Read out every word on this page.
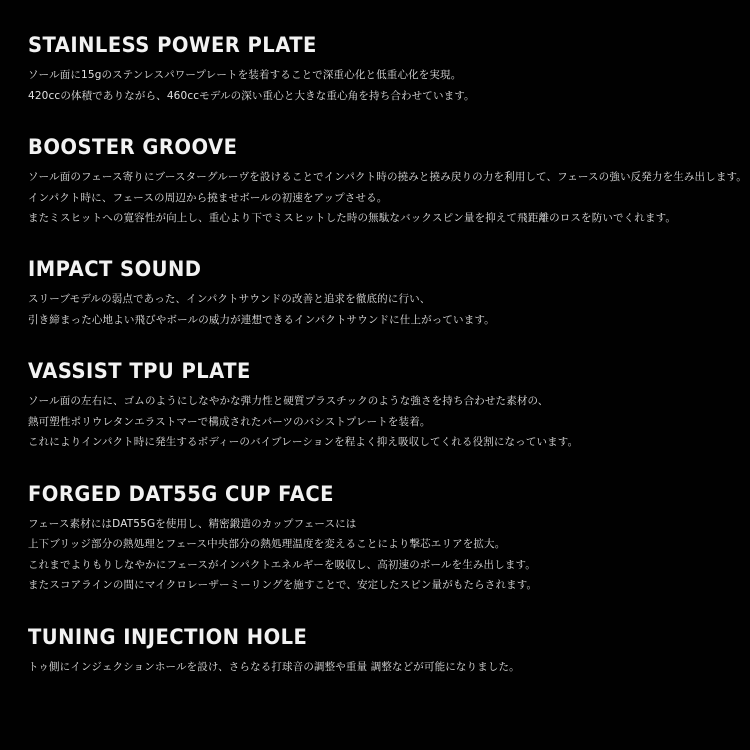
STAINLESS POWER PLATE
ソール面に15gのステンレスパワープレートを装着することで深重心化と低重心化を実現。
420ccの体積でありながら、460ccモデルの深い重心と大きな重心角を持ち合わせています。
BOOSTER GROOVE
ソール面のフェース寄りにブースターグルーヴを設けることでインパクト時の撓みと撓み戻りの力を利用して、フェースの強い反発力を生み出します。
インパクト時に、フェースの周辺から撓ませボールの初速をアップさせる。
またミスヒットへの寛容性が向上し、重心より下でミスヒットした時の無駄なバックスピン量を抑えて飛距離のロスを防いでくれます。
IMPACT SOUND
スリーブモデルの弱点であった、インパクトサウンドの改善と追求を徹底的に行い、
引き締まった心地よい飛びやボールの威力が連想できるインパクトサウンドに仕上がっています。
VASSIST TPU PLATE
ソール面の左右に、ゴムのようにしなやかな弾力性と硬質プラスチックのような強さを持ち合わせた素材の、
熱可塑性ポリウレタンエラストマーで構成されたパーツのバシストプレートを装着。
これによりインパクト時に発生するボディーのバイブレーションを程よく抑え吸収してくれる役割になっています。
FORGED DAT55G CUP FACE
フェース素材にはDAT55Gを使用し、精密鍛造のカップフェースには
上下ブリッジ部分の熱処理とフェース中央部分の熱処理温度を変えることにより撃芯エリアを拡大。
これまでよりもりしなやかにフェースがインパクトエネルギーを吸収し、高初速のボールを生み出します。
またスコアラインの間にマイクロレーザーミーリングを施すことで、安定したスピン量がもたらされます。
TUNING INJECTION HOLE
トゥ側にインジェクションホールを設け、さらなる打球音の調整や重量 調整などが可能になりました。
